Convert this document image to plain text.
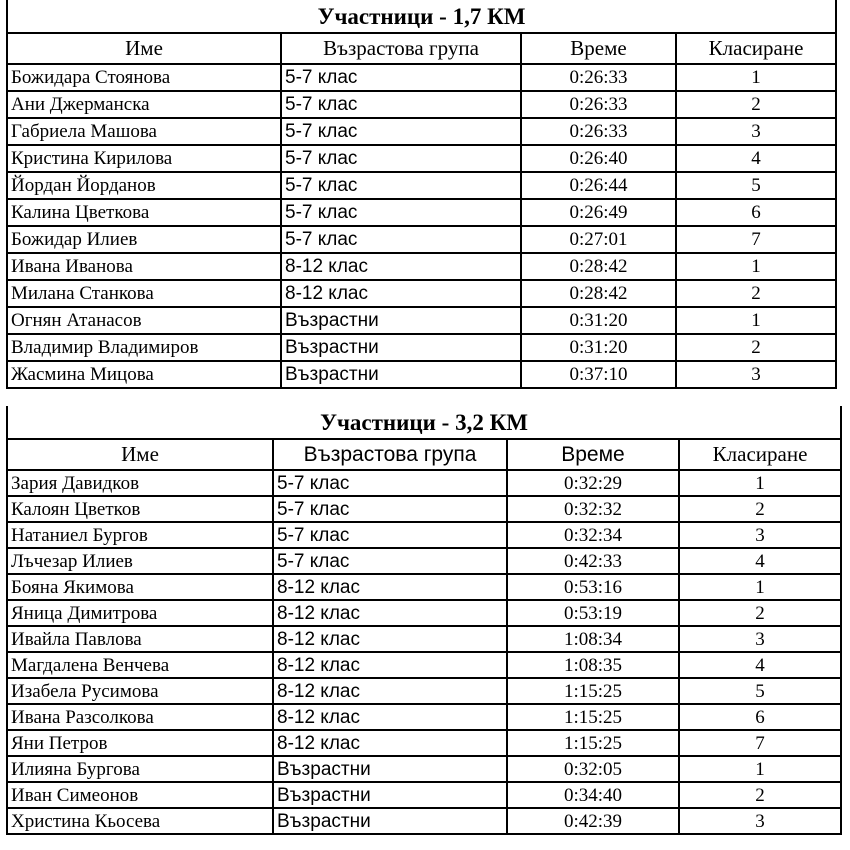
Участници - 1,7 КМ			
Име	Възрастова група	Време	Класиране
Божидара Стоянова	5-7 клас	0:26:33	1
Ани Джерманска	5-7 клас	0:26:33	2
Габриела Машова	5-7 клас	0:26:33	3
Кристина Кирилова	5-7 клас	0:26:40	4
Йордан Йорданов	5-7 клас	0:26:44	5
Калина Цветкова	5-7 клас	0:26:49	6
Божидар Илиев	5-7 клас	0:27:01	7
Ивана Иванова	8-12 клас	0:28:42	1
Милана Станкова	8-12 клас	0:28:42	2
Огнян Атанасов	Възрастни	0:31:20	1
Владимир Владимиров	Възрастни	0:31:20	2
Жасмина Мицова	Възрастни	0:37:10	3
Участници - 3,2 КМ			
Име	Възрастова група	Време	Класиране
Зария Давидков	5-7 клас	0:32:29	1
Калоян Цветков	5-7 клас	0:32:32	2
Натаниел Бургов	5-7 клас	0:32:34	3
Лъчезар Илиев	5-7 клас	0:42:33	4
Бояна Якимова	8-12 клас	0:53:16	1
Яница Димитрова	8-12 клас	0:53:19	2
Ивайла Павлова	8-12 клас	1:08:34	3
Магдалена Венчева	8-12 клас	1:08:35	4
Изабела Русимова	8-12 клас	1:15:25	5
Ивана Разсолкова	8-12 клас	1:15:25	6
Яни Петров	8-12 клас	1:15:25	7
Илияна Бургова	Възрастни	0:32:05	1
Иван Симеонов	Възрастни	0:34:40	2
Христина Кьосева	Възрастни	0:42:39	3
